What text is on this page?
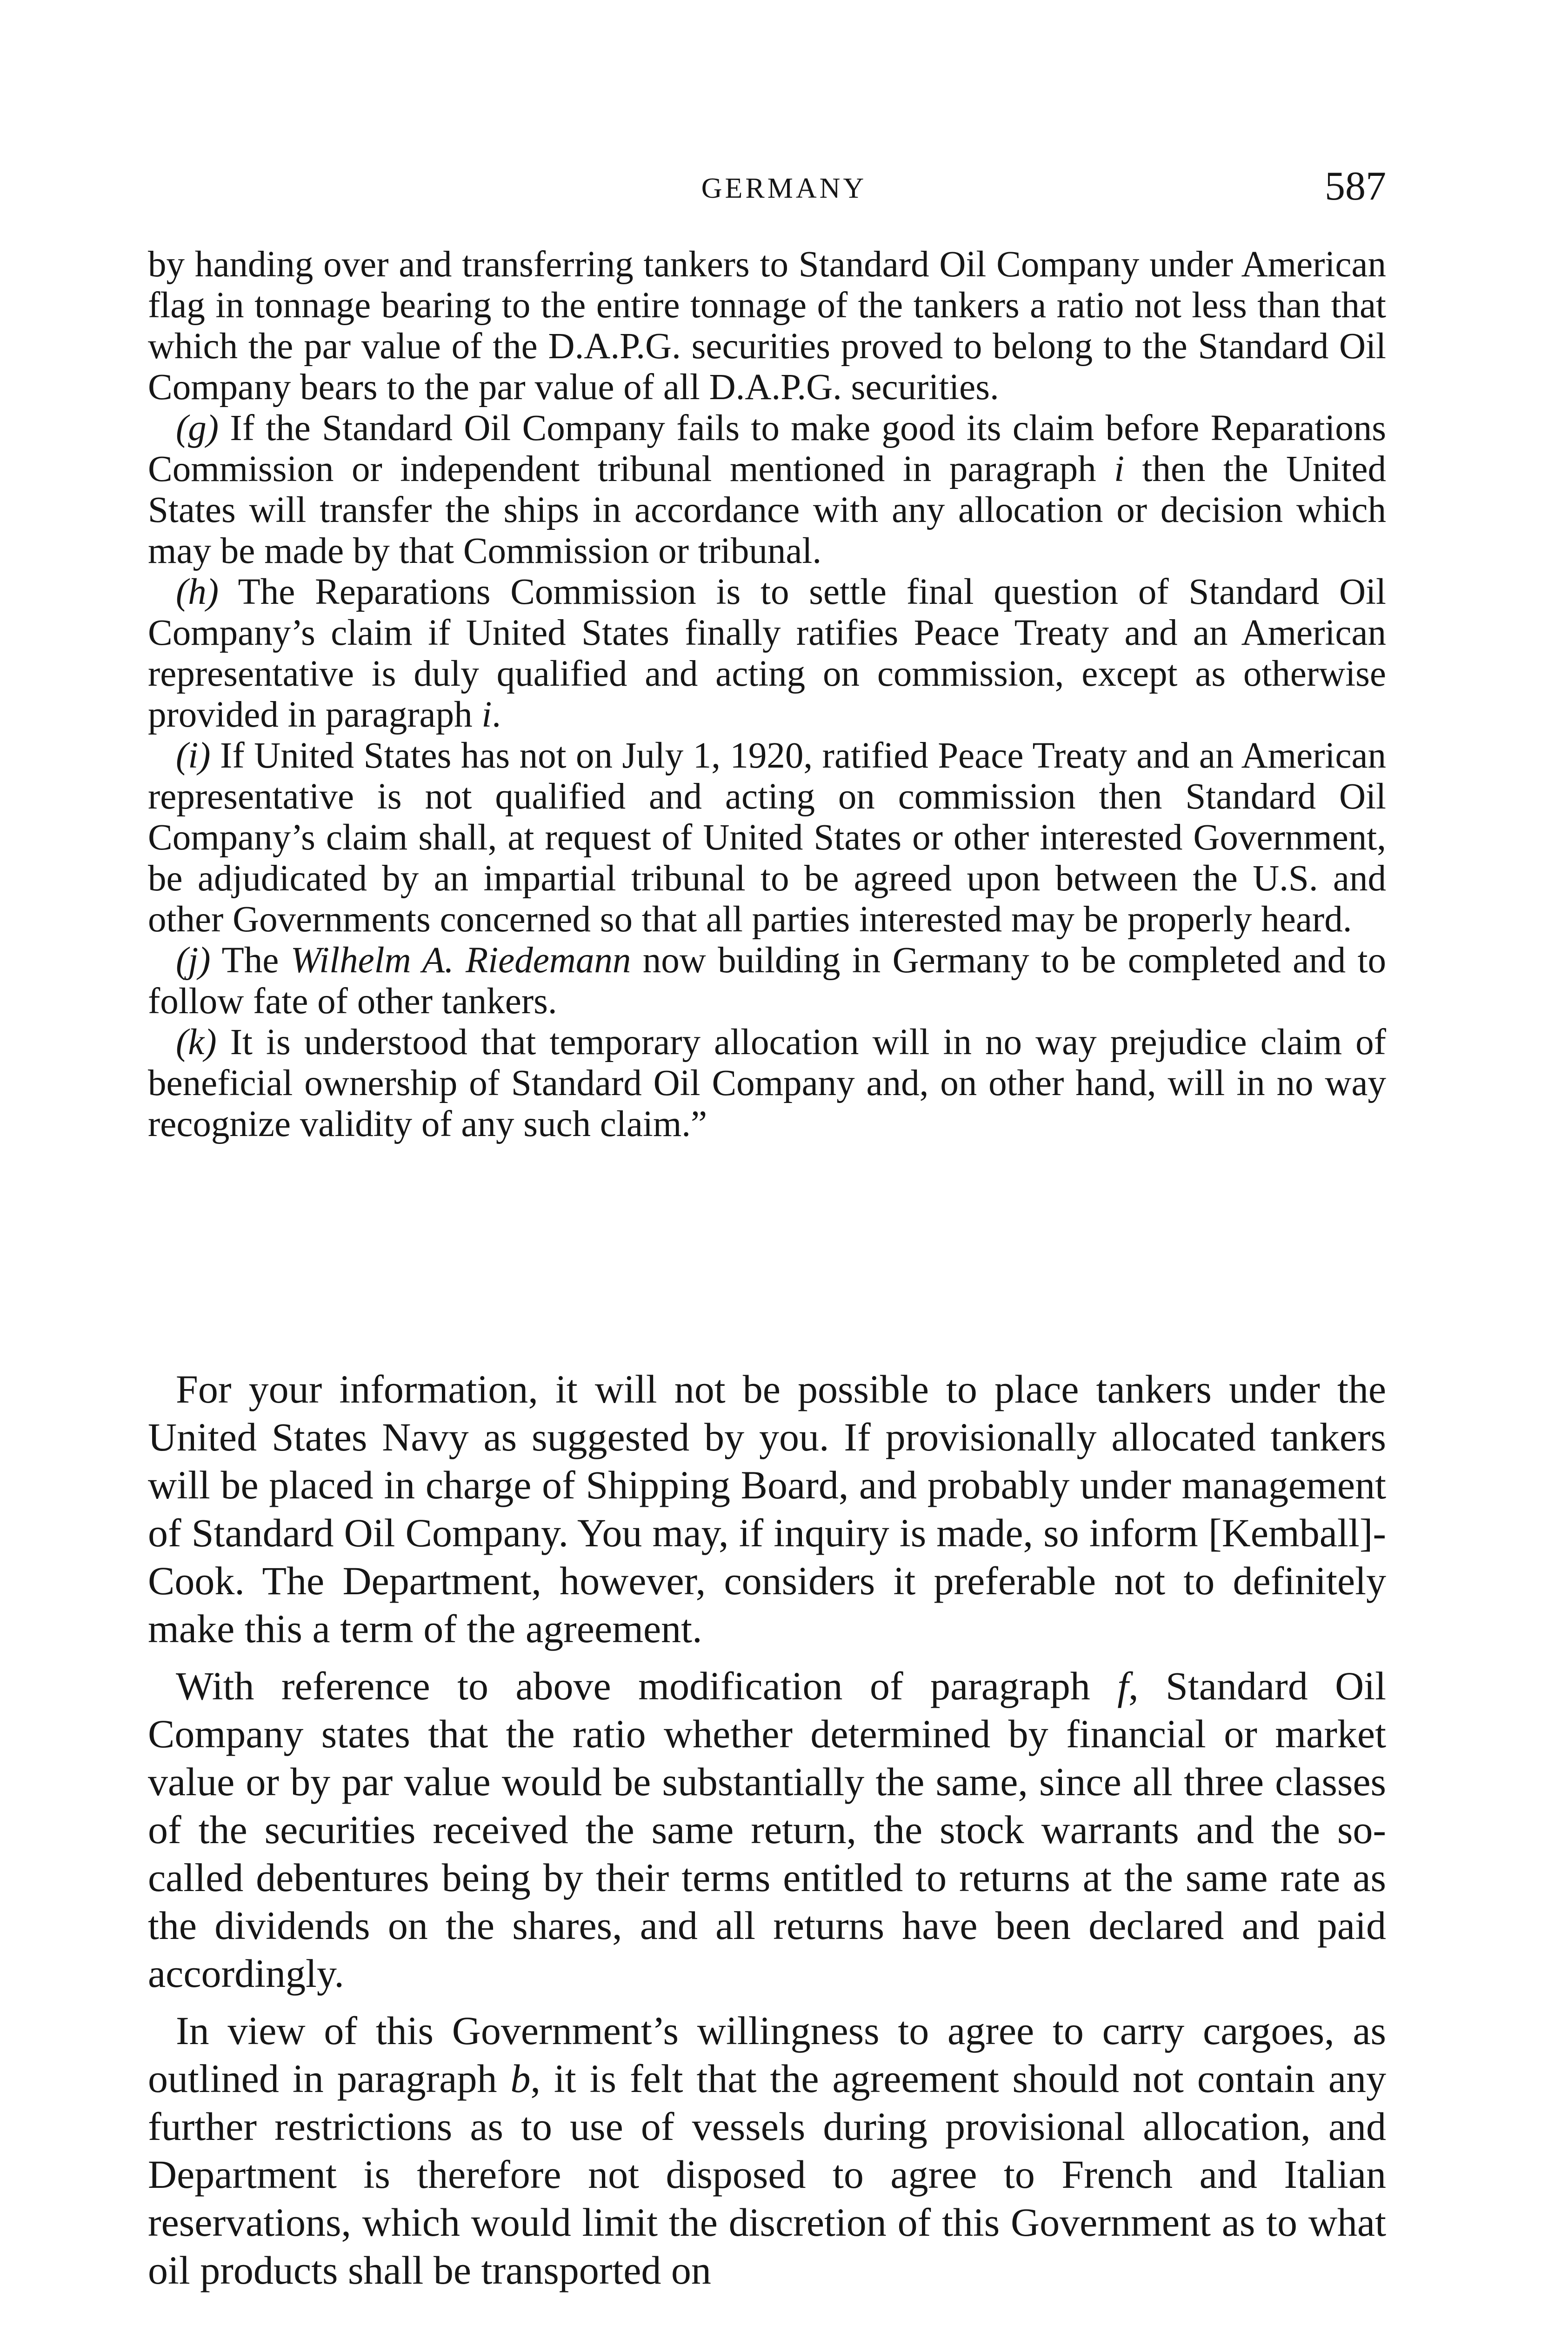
GERMANY	587

by handing over and transferring tankers to Standard Oil Company under American flag in tonnage bearing to the entire tonnage of the tankers a ratio not less than that which the par value of the D.A.P.G. securities proved to belong to the Standard Oil Company bears to the par value of all D.A.P.G. securities.

(g) If the Standard Oil Company fails to make good its claim before Reparations Commission or independent tribunal mentioned in paragraph i then the United States will transfer the ships in accordance with any allocation or decision which may be made by that Commission or tribunal.

(h) The Reparations Commission is to settle final question of Standard Oil Company’s claim if United States finally ratifies Peace Treaty and an American representative is duly qualified and acting on commission, except as otherwise provided in paragraph i.

(i) If United States has not on July 1, 1920, ratified Peace Treaty and an American representative is not qualified and acting on commission then Standard Oil Company’s claim shall, at request of United States or other interested Government, be adjudicated by an impartial tribunal to be agreed upon between the U.S. and other Governments concerned so that all parties interested may be properly heard.

(j) The Wilhelm A. Riedemann now building in Germany to be completed and to follow fate of other tankers.

(k) It is understood that temporary allocation will in no way prejudice claim of beneficial ownership of Standard Oil Company and, on other hand, will in no way recognize validity of any such claim.”

For your information, it will not be possible to place tankers under the United States Navy as suggested by you. If provisionally allocated tankers will be placed in charge of Shipping Board, and probably under management of Standard Oil Company. You may, if inquiry is made, so inform [Kemball]-Cook. The Department, however, considers it preferable not to definitely make this a term of the agreement.

With reference to above modification of paragraph f, Standard Oil Company states that the ratio whether determined by financial or market value or by par value would be substantially the same, since all three classes of the securities received the same return, the stock warrants and the so-called debentures being by their terms entitled to returns at the same rate as the dividends on the shares, and all returns have been declared and paid accordingly.

In view of this Government’s willingness to agree to carry cargoes, as outlined in paragraph b, it is felt that the agreement should not contain any further restrictions as to use of vessels during provisional allocation, and Department is therefore not disposed to agree to French and Italian reservations, which would limit the discretion of this Government as to what oil products shall be transported on
